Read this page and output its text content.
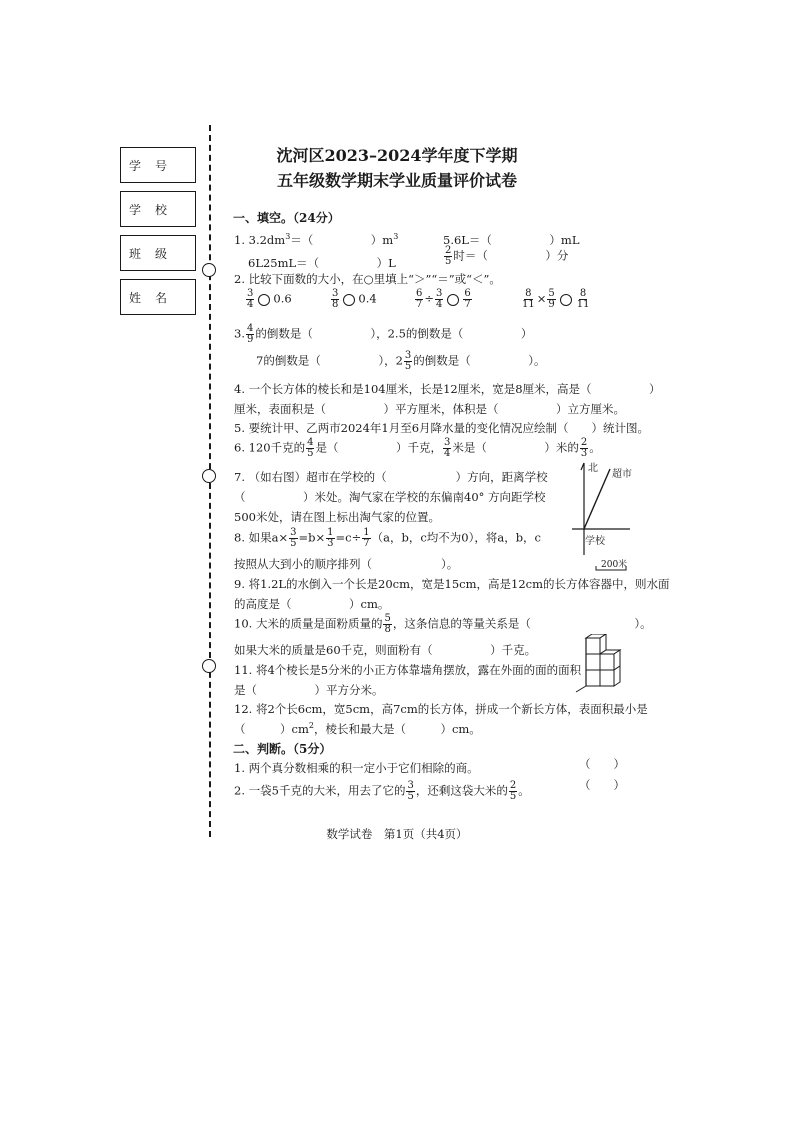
学　号

学　校

班　级

姓　名
沈河区2023–2024学年度下学期
五年级数学期末学业质量评价试卷
一、填空。（24分）
1. $3.2dm^3=$（　　　　　）$m^3$	5.6L＝（　　　　　）mL
6L25mL＝（　　　　　）L	$\frac{2}{5}$ 时＝（　　　　　）分
2. 比较下面数的大小，在○里填上“＞”“＝”或“＜”。
$\frac{3}{4} 0.6$	$\frac{3}{8} 0.4$	$\frac{6}{7} \div \frac{3}{4} \frac{6}{7}$	$\frac{8}{11} \times \frac{5}{9} \frac{8}{11}$
3. $\frac{4}{9}$ 的倒数是（　　　　　），2.5的倒数是（　　　　　）
7的倒数是（　　　　　），$2 \frac{3}{5}$ 的倒数是（　　　　　）。
4. 一个长方体的棱长和是104厘米，长是12厘米，宽是8厘米，高是（　　　　　）
厘米，表面积是（　　　　　）平方厘米，体积是（　　　　　）立方厘米。
5. 要统计甲、乙两市2024年1月至6月降水量的变化情况应绘制（　　）统计图。
6. 120千克的 $\frac{4}{5}$ 是（　　　　　）千克， $\frac{3}{4}$ 米是（　　　　　）米的 $\frac{2}{3}$ 。
7. （如右图）超市在学校的（　　　　　　）方向，距离学校
（　　　　　）米处。淘气家在学校的东偏南40° 方向距学校
500米处，请在图上标出淘气家的位置。
北
超市
学校
200米
8. 如果$a\times \frac{3}{5} =b\times \frac{1}{3} =c\div \frac{1}{7} (a$，b，c均不为0），将a，b，c
按照从大到小的顺序排列（　　　　　　）。
9. 将1.2L的水倒入一个长是20cm，宽是15cm，高是12cm的长方体容器中，则水面
的高度是（　　　　　）cm。
10. 大米的质量是面粉质量的 $\frac{5}{8}$ ，这条信息的等量关系是（　　　　　　　　　）。
如果大米的质量是60千克，则面粉有（　　　　　）千克。
11. 将4个棱长是5分米的小正方体靠墙角摆放，露在外面的面的面积
是（　　　　　）平方分米。
12. 将2个长6cm，宽5cm，高7cm的长方体，拼成一个新长方体，表面积最小是
（　　　）$cm^2$，棱长和最大是（　　　）cm。
二、判断。（5分）
1. 两个真分数相乘的积一定小于它们相除的商。	（　　）
2. 一袋5千克的大米，用去了它的 $\frac{3}{5}$ ，还剩这袋大米的 $\frac{2}{5}$ 。	（　　）
数学试卷　第1页（共4页）
